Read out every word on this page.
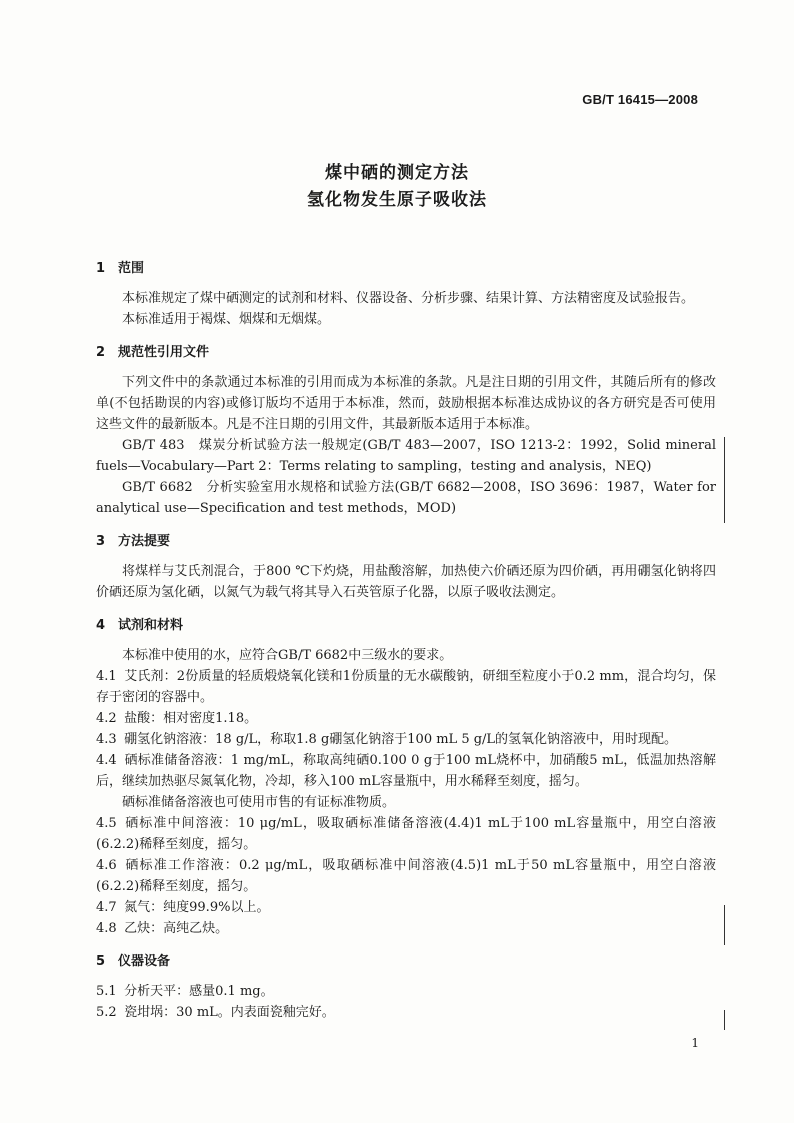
GB/T 16415—2008
煤中硒的测定方法
氢化物发生原子吸收法
1 范围

本标准规定了煤中硒测定的试剂和材料、仪器设备、分析步骤、结果计算、方法精密度及试验报告。

本标准适用于褐煤、烟煤和无烟煤。

2 规范性引用文件

下列文件中的条款通过本标准的引用而成为本标准的条款。凡是注日期的引用文件，其随后所有的修改单(不包括勘误的内容)或修订版均不适用于本标准，然而，鼓励根据本标准达成协议的各方研究是否可使用这些文件的最新版本。凡是不注日期的引用文件，其最新版本适用于本标准。

GB/T 483　煤炭分析试验方法一般规定(GB/T 483—2007，ISO 1213-2：1992，Solid mineral fuels—Vocabulary—Part 2：Terms relating to sampling，testing and analysis，NEQ)

GB/T 6682　分析实验室用水规格和试验方法(GB/T 6682—2008，ISO 3696：1987，Water for analytical use—Specification and test methods，MOD)

3 方法提要

将煤样与艾氏剂混合，于800 ℃下灼烧，用盐酸溶解，加热使六价硒还原为四价硒，再用硼氢化钠将四价硒还原为氢化硒，以氮气为载气将其导入石英管原子化器，以原子吸收法测定。

4 试剂和材料

本标准中使用的水，应符合GB/T 6682中三级水的要求。

4.1 艾氏剂：2份质量的轻质煅烧氧化镁和1份质量的无水碳酸钠，研细至粒度小于0.2 mm，混合均匀，保存于密闭的容器中。

4.2 盐酸：相对密度1.18。

4.3 硼氢化钠溶液：18 g/L，称取1.8 g硼氢化钠溶于100 mL 5 g/L的氢氧化钠溶液中，用时现配。

4.4 硒标准储备溶液：1 mg/mL，称取高纯硒0.100 0 g于100 mL烧杯中，加硝酸5 mL，低温加热溶解后，继续加热驱尽氮氧化物，冷却，移入100 mL容量瓶中，用水稀释至刻度，摇匀。

硒标准储备溶液也可使用市售的有证标准物质。

4.5 硒标准中间溶液：10 μg/mL，吸取硒标准储备溶液(4.4)1 mL于100 mL容量瓶中，用空白溶液(6.2.2)稀释至刻度，摇匀。

4.6 硒标准工作溶液：0.2 μg/mL，吸取硒标准中间溶液(4.5)1 mL于50 mL容量瓶中，用空白溶液(6.2.2)稀释至刻度，摇匀。

4.7 氮气：纯度99.9%以上。

4.8 乙炔：高纯乙炔。

5 仪器设备

5.1 分析天平：感量0.1 mg。

5.2 瓷坩埚：30 mL。内表面瓷釉完好。

1
